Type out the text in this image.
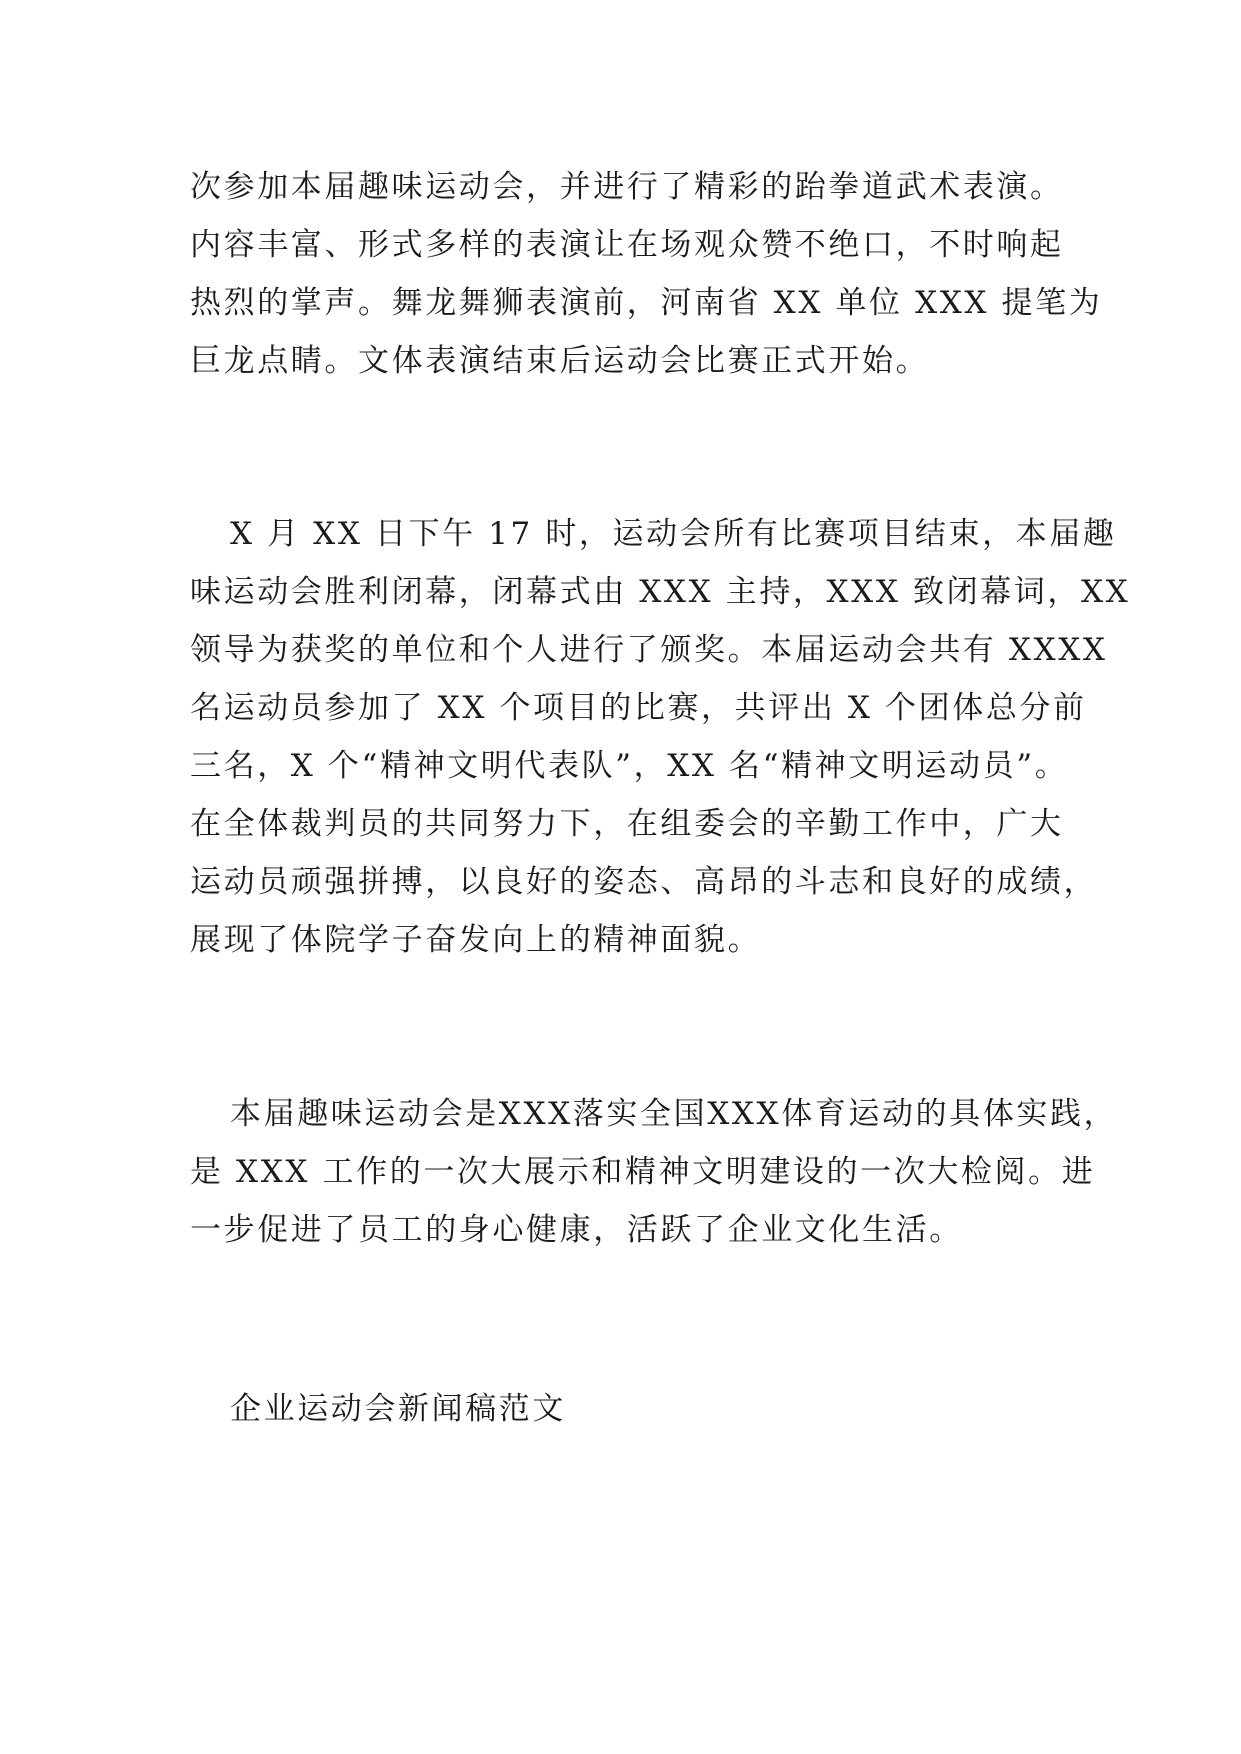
次参加本届趣味运动会，并进行了精彩的跆拳道武术表演。
内容丰富、形式多样的表演让在场观众赞不绝口，不时响起
热烈的掌声。舞龙舞狮表演前，河南省 XX 单位 XXX 提笔为
巨龙点睛。文体表演结束后运动会比赛正式开始。
X 月 XX 日下午 17 时，运动会所有比赛项目结束，本届趣
味运动会胜利闭幕，闭幕式由 XXX 主持，XXX 致闭幕词，XX
领导为获奖的单位和个人进行了颁奖。本届运动会共有 XXXX
名运动员参加了 XX 个项目的比赛，共评出 X 个团体总分前
三名，X 个“精神文明代表队”，XX 名“精神文明运动员”。
在全体裁判员的共同努力下，在组委会的辛勤工作中，广大
运动员顽强拼搏，以良好的姿态、高昂的斗志和良好的成绩，
展现了体院学子奋发向上的精神面貌。
本届趣味运动会是XXX落实全国XXX体育运动的具体实践，
是 XXX 工作的一次大展示和精神文明建设的一次大检阅。进
一步促进了员工的身心健康，活跃了企业文化生活。
企业运动会新闻稿范文
